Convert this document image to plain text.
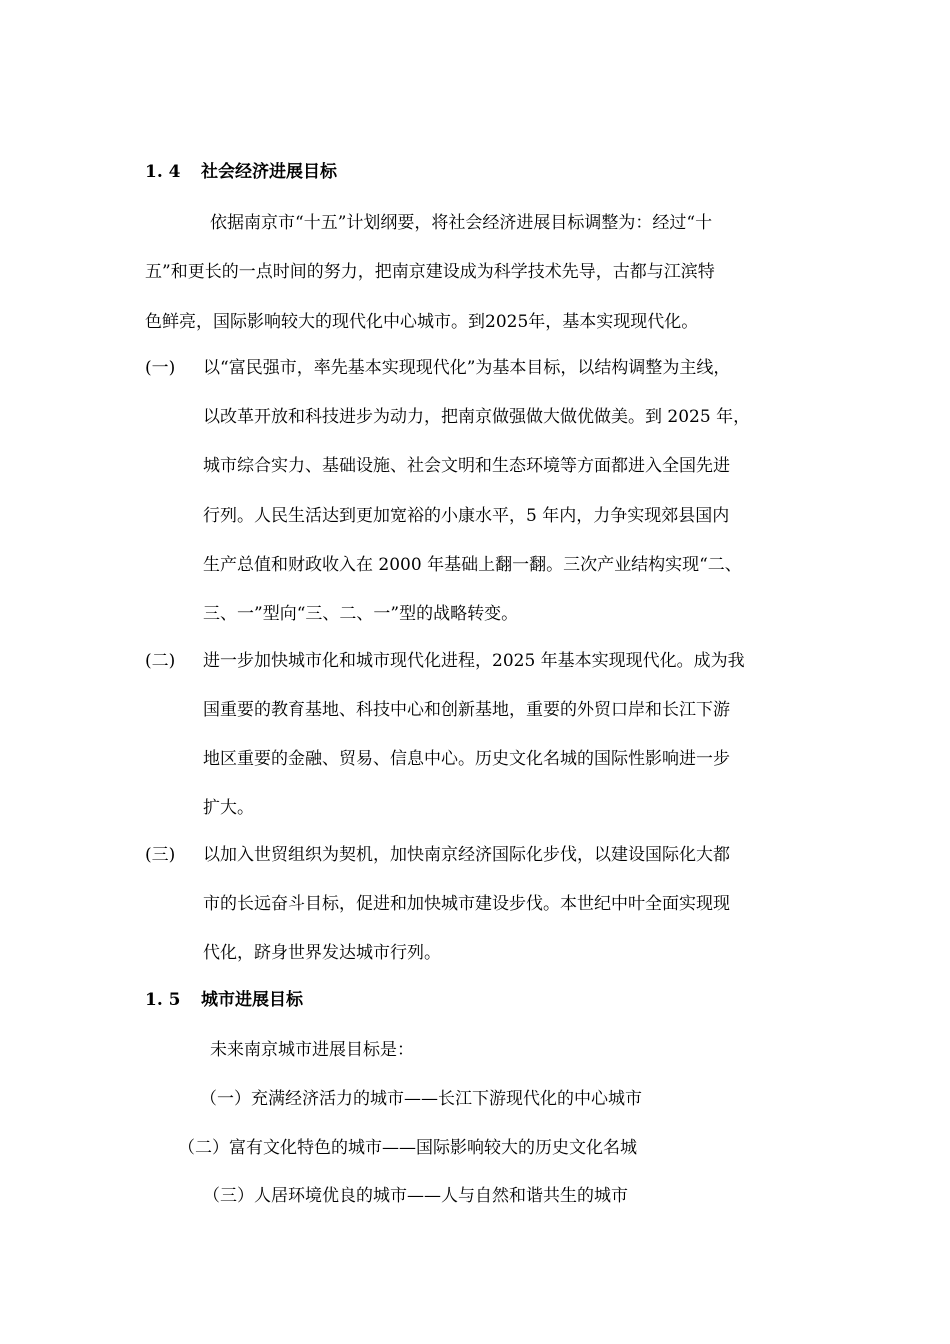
1. 4 社会经济进展目标
依据南京市“十五”计划纲要，将社会经济进展目标调整为：经过“十
五”和更长的一点时间的努力，把南京建设成为科学技术先导，古都与江滨特
色鲜亮，国际影响较大的现代化中心城市。到2025年，基本实现现代化。
(一) 以“富民强市，率先基本实现现代化”为基本目标，以结构调整为主线，
以改革开放和科技进步为动力，把南京做强做大做优做美。到 2025 年，
城市综合实力、基础设施、社会文明和生态环境等方面都进入全国先进
行列。人民生活达到更加宽裕的小康水平，5 年内，力争实现郊县国内
生产总值和财政收入在 2000 年基础上翻一翻。三次产业结构实现“二、
三、一”型向“三、二、一”型的战略转变。
(二) 进一步加快城市化和城市现代化进程，2025 年基本实现现代化。成为我
国重要的教育基地、科技中心和创新基地，重要的外贸口岸和长江下游
地区重要的金融、贸易、信息中心。历史文化名城的国际性影响进一步
扩大。
(三) 以加入世贸组织为契机，加快南京经济国际化步伐，以建设国际化大都
市的长远奋斗目标，促进和加快城市建设步伐。本世纪中叶全面实现现
代化，跻身世界发达城市行列。
1. 5 城市进展目标
未来南京城市进展目标是：
（一）充满经济活力的城市——长江下游现代化的中心城市
（二）富有文化特色的城市——国际影响较大的历史文化名城
（三）人居环境优良的城市——人与自然和谐共生的城市
